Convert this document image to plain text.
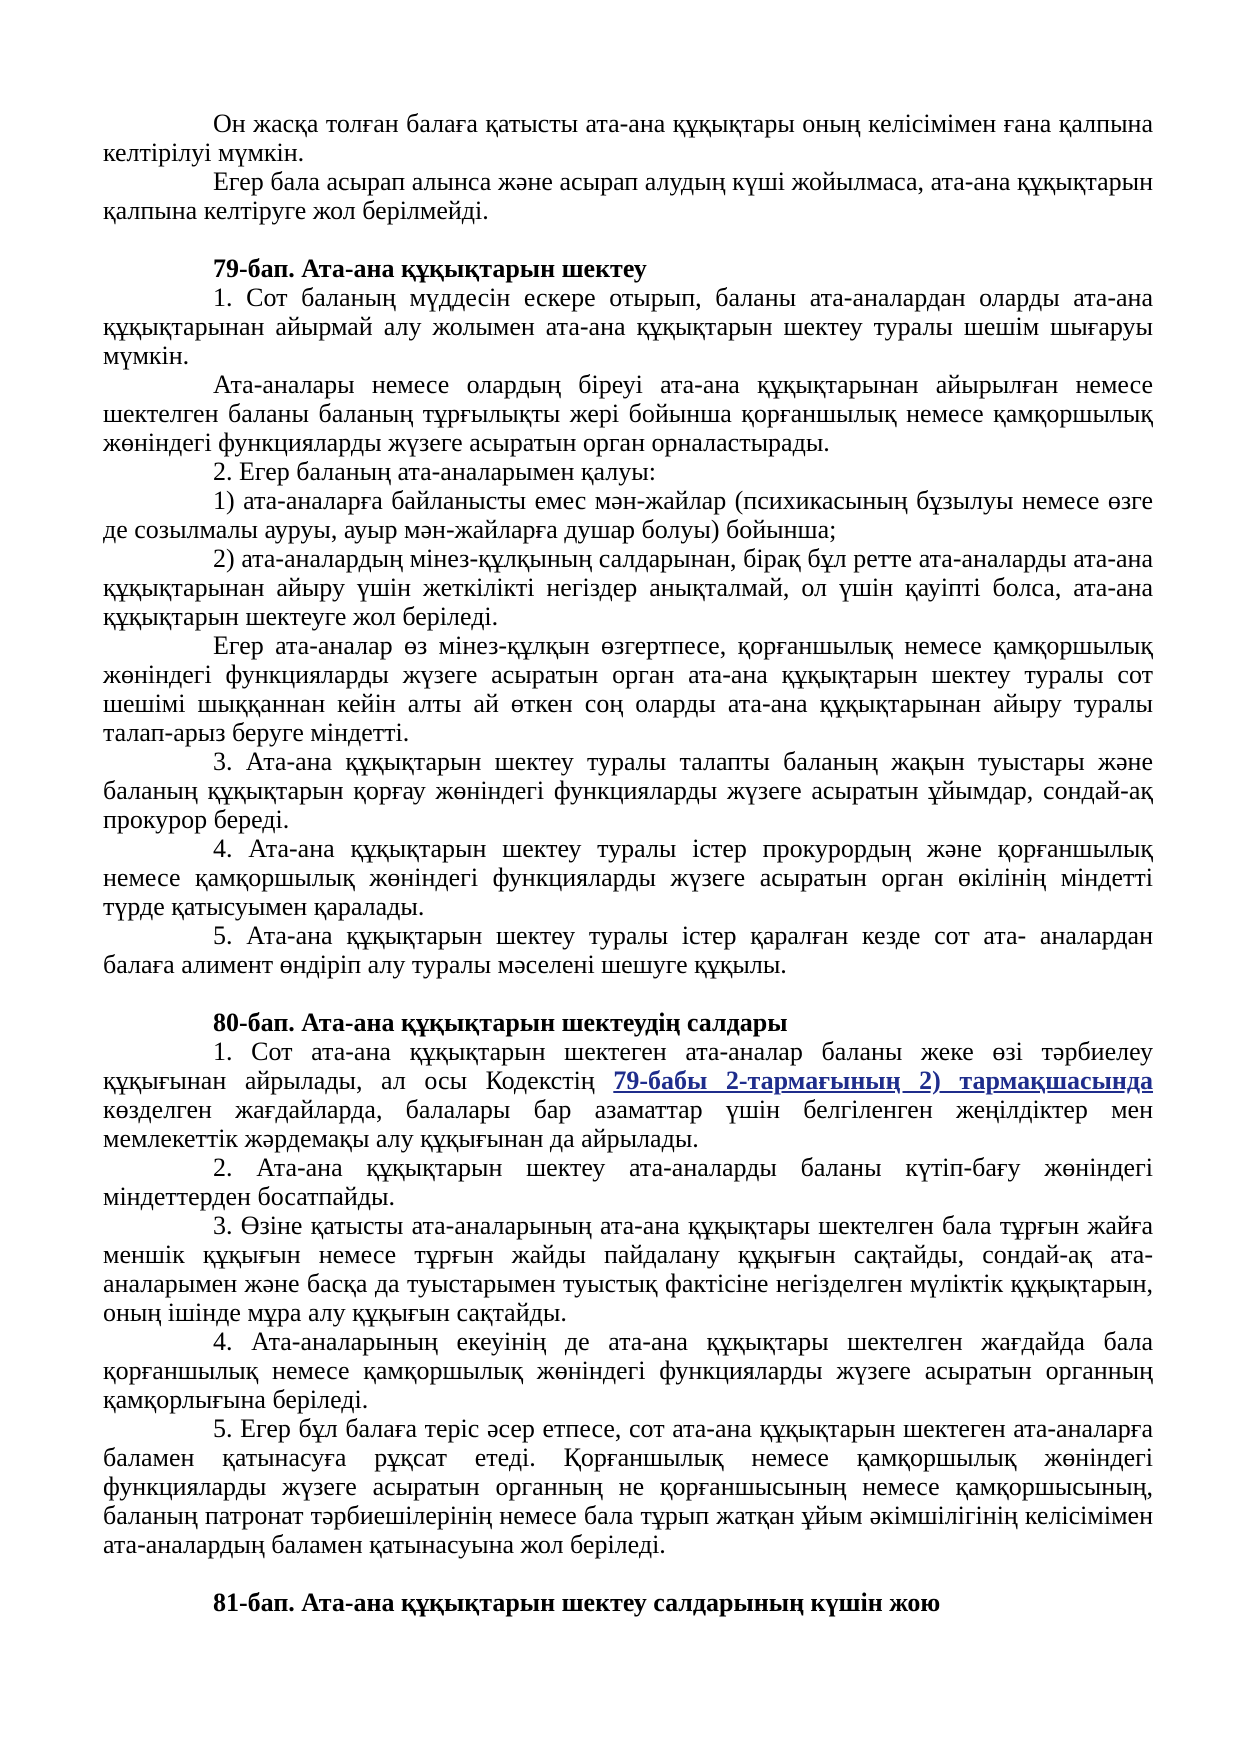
Он жасқа толған балаға қатысты ата-ана құқықтары оның келісімімен ғана қалпына келтірілуі мүмкін.

Егер бала асырап алынса және асырап алудың күші жойылмаса, ата-ана құқықтарын қалпына келтіруге жол берілмейді.

79-бап. Ата-ана құқықтарын шектеу

1. Сот баланың мүддесін ескере отырып, баланы ата-аналардан оларды ата-ана құқықтарынан айырмай алу жолымен ата-ана құқықтарын шектеу туралы шешім шығаруы мүмкін.

Ата-аналары немесе олардың біреуі ата-ана құқықтарынан айырылған немесе шектелген баланы баланың тұрғылықты жері бойынша қорғаншылық немесе қамқоршылық жөніндегі функцияларды жүзеге асыратын орган орналастырады.

2. Егер баланың ата-аналарымен қалуы:

1) ата-аналарға байланысты емес мән-жайлар (психикасының бұзылуы немесе өзге де созылмалы ауруы, ауыр мән-жайларға душар болуы) бойынша;

2) ата-аналардың мінез-құлқының салдарынан, бірақ бұл ретте ата-аналарды ата-ана құқықтарынан айыру үшін жеткілікті негіздер анықталмай, ол үшін қауіпті болса, ата-ана құқықтарын шектеуге жол беріледі.

Егер ата-аналар өз мінез-құлқын өзгертпесе, қорғаншылық немесе қамқоршылық жөніндегі функцияларды жүзеге асыратын орган ата-ана құқықтарын шектеу туралы сот шешімі шыққаннан кейін алты ай өткен соң оларды ата-ана құқықтарынан айыру туралы талап-арыз беруге міндетті.

3. Ата-ана құқықтарын шектеу туралы талапты баланың жақын туыстары және баланың құқықтарын қорғау жөніндегі функцияларды жүзеге асыратын ұйымдар, сондай-ақ прокурор береді.

4. Ата-ана құқықтарын шектеу туралы істер прокурордың және қорғаншылық немесе қамқоршылық жөніндегі функцияларды жүзеге асыратын орган өкілінің міндетті түрде қатысуымен қаралады.

5. Ата-ана құқықтарын шектеу туралы істер қаралған кезде сот ата- аналардан балаға алимент өндіріп алу туралы мәселені шешуге құқылы.

80-бап. Ата-ана құқықтарын шектеудің салдары

1. Сот ата-ана құқықтарын шектеген ата-аналар баланы жеке өзі тәрбиелеу құқығынан айрылады, ал осы Кодекстің 79-бабы 2-тармағының 2) тармақшасында көзделген жағдайларда, балалары бар азаматтар үшін белгіленген жеңілдіктер мен мемлекеттік жәрдемақы алу құқығынан да айрылады.

2. Ата-ана құқықтарын шектеу ата-аналарды баланы күтіп-бағу жөніндегі міндеттерден босатпайды.

3. Өзіне қатысты ата-аналарының ата-ана құқықтары шектелген бала тұрғын жайға меншік құқығын немесе тұрғын жайды пайдалану құқығын сақтайды, сондай-ақ ата-аналарымен және басқа да туыстарымен туыстық фактісіне негізделген мүліктік құқықтарын, оның ішінде мұра алу құқығын сақтайды.

4. Ата-аналарының екеуінің де ата-ана құқықтары шектелген жағдайда бала қорғаншылық немесе қамқоршылық жөніндегі функцияларды жүзеге асыратын органның қамқорлығына беріледі.

5. Егер бұл балаға теріс әсер етпесе, сот ата-ана құқықтарын шектеген ата-аналарға баламен қатынасуға рұқсат етеді. Қорғаншылық немесе қамқоршылық жөніндегі функцияларды жүзеге асыратын органның не қорғаншысының немесе қамқоршысының, баланың патронат тәрбиешілерінің немесе бала тұрып жатқан ұйым әкімшілігінің келісімімен ата-аналардың баламен қатынасуына жол беріледі.

81-бап. Ата-ана құқықтарын шектеу салдарының күшін жою
